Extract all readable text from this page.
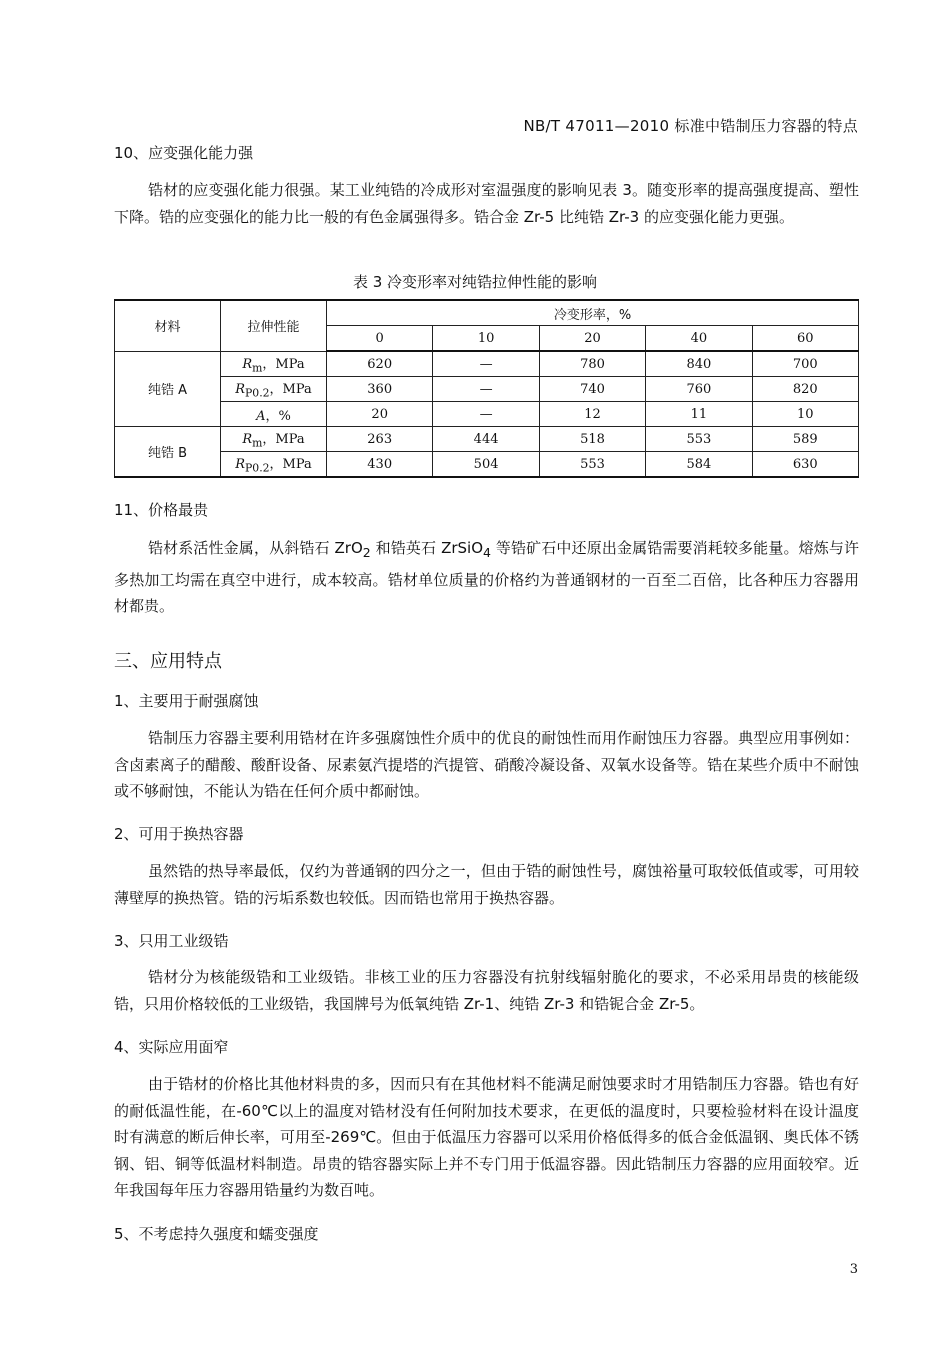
NB/T 47011—2010 标准中锆制压力容器的特点
10、应变强化能力强

锆材的应变强化能力很强。某工业纯锆的冷成形对室温强度的影响见表 3。随变形率的提高强度提高、塑性下降。锆的应变强化的能力比一般的有色金属强得多。锆合金 Zr-5 比纯锆 Zr-3 的应变强化能力更强。

表 3 冷变形率对纯锆拉伸性能的影响
材料	拉伸性能	冷变形率，%				
		0	10	20	40	60
纯锆 A	$R_m$，MPa	620	—	780	840	700
	$R_{P0.2}$，MPa	360	—	740	760	820
	A，%	20	—	12	11	10
纯锆 B	$R_m$，MPa	263	444	518	553	589
	$R_{P0.2}$，MPa	430	504	553	584	630
11、价格最贵

锆材系活性金属，从斜锆石 ZrO$_2$ 和锆英石 ZrSiO$_4$ 等锆矿石中还原出金属锆需要消耗较多能量。熔炼与许多热加工均需在真空中进行，成本较高。锆材单位质量的价格约为普通钢材的一百至二百倍，比各种压力容器用材都贵。

三、应用特点
1、主要用于耐强腐蚀

锆制压力容器主要利用锆材在许多强腐蚀性介质中的优良的耐蚀性而用作耐蚀压力容器。典型应用事例如：含卤素离子的醋酸、酸酐设备、尿素氨汽提塔的汽提管、硝酸冷凝设备、双氧水设备等。锆在某些介质中不耐蚀或不够耐蚀，不能认为锆在任何介质中都耐蚀。

2、可用于换热容器

虽然锆的热导率最低，仅约为普通钢的四分之一，但由于锆的耐蚀性号，腐蚀裕量可取较低值或零，可用较薄壁厚的换热管。锆的污垢系数也较低。因而锆也常用于换热容器。

3、只用工业级锆

锆材分为核能级锆和工业级锆。非核工业的压力容器没有抗射线辐射脆化的要求，不必采用昂贵的核能级锆，只用价格较低的工业级锆，我国牌号为低氧纯锆 Zr-1、纯锆 Zr-3 和锆铌合金 Zr-5。

4、实际应用面窄

由于锆材的价格比其他材料贵的多，因而只有在其他材料不能满足耐蚀要求时才用锆制压力容器。锆也有好的耐低温性能，在-60℃以上的温度对锆材没有任何附加技术要求，在更低的温度时，只要检验材料在设计温度时有满意的断后伸长率，可用至-269℃。但由于低温压力容器可以采用价格低得多的低合金低温钢、奥氏体不锈钢、铝、铜等低温材料制造。昂贵的锆容器实际上并不专门用于低温容器。因此锆制压力容器的应用面较窄。近年我国每年压力容器用锆量约为数百吨。

5、不考虑持久强度和蠕变强度
3
